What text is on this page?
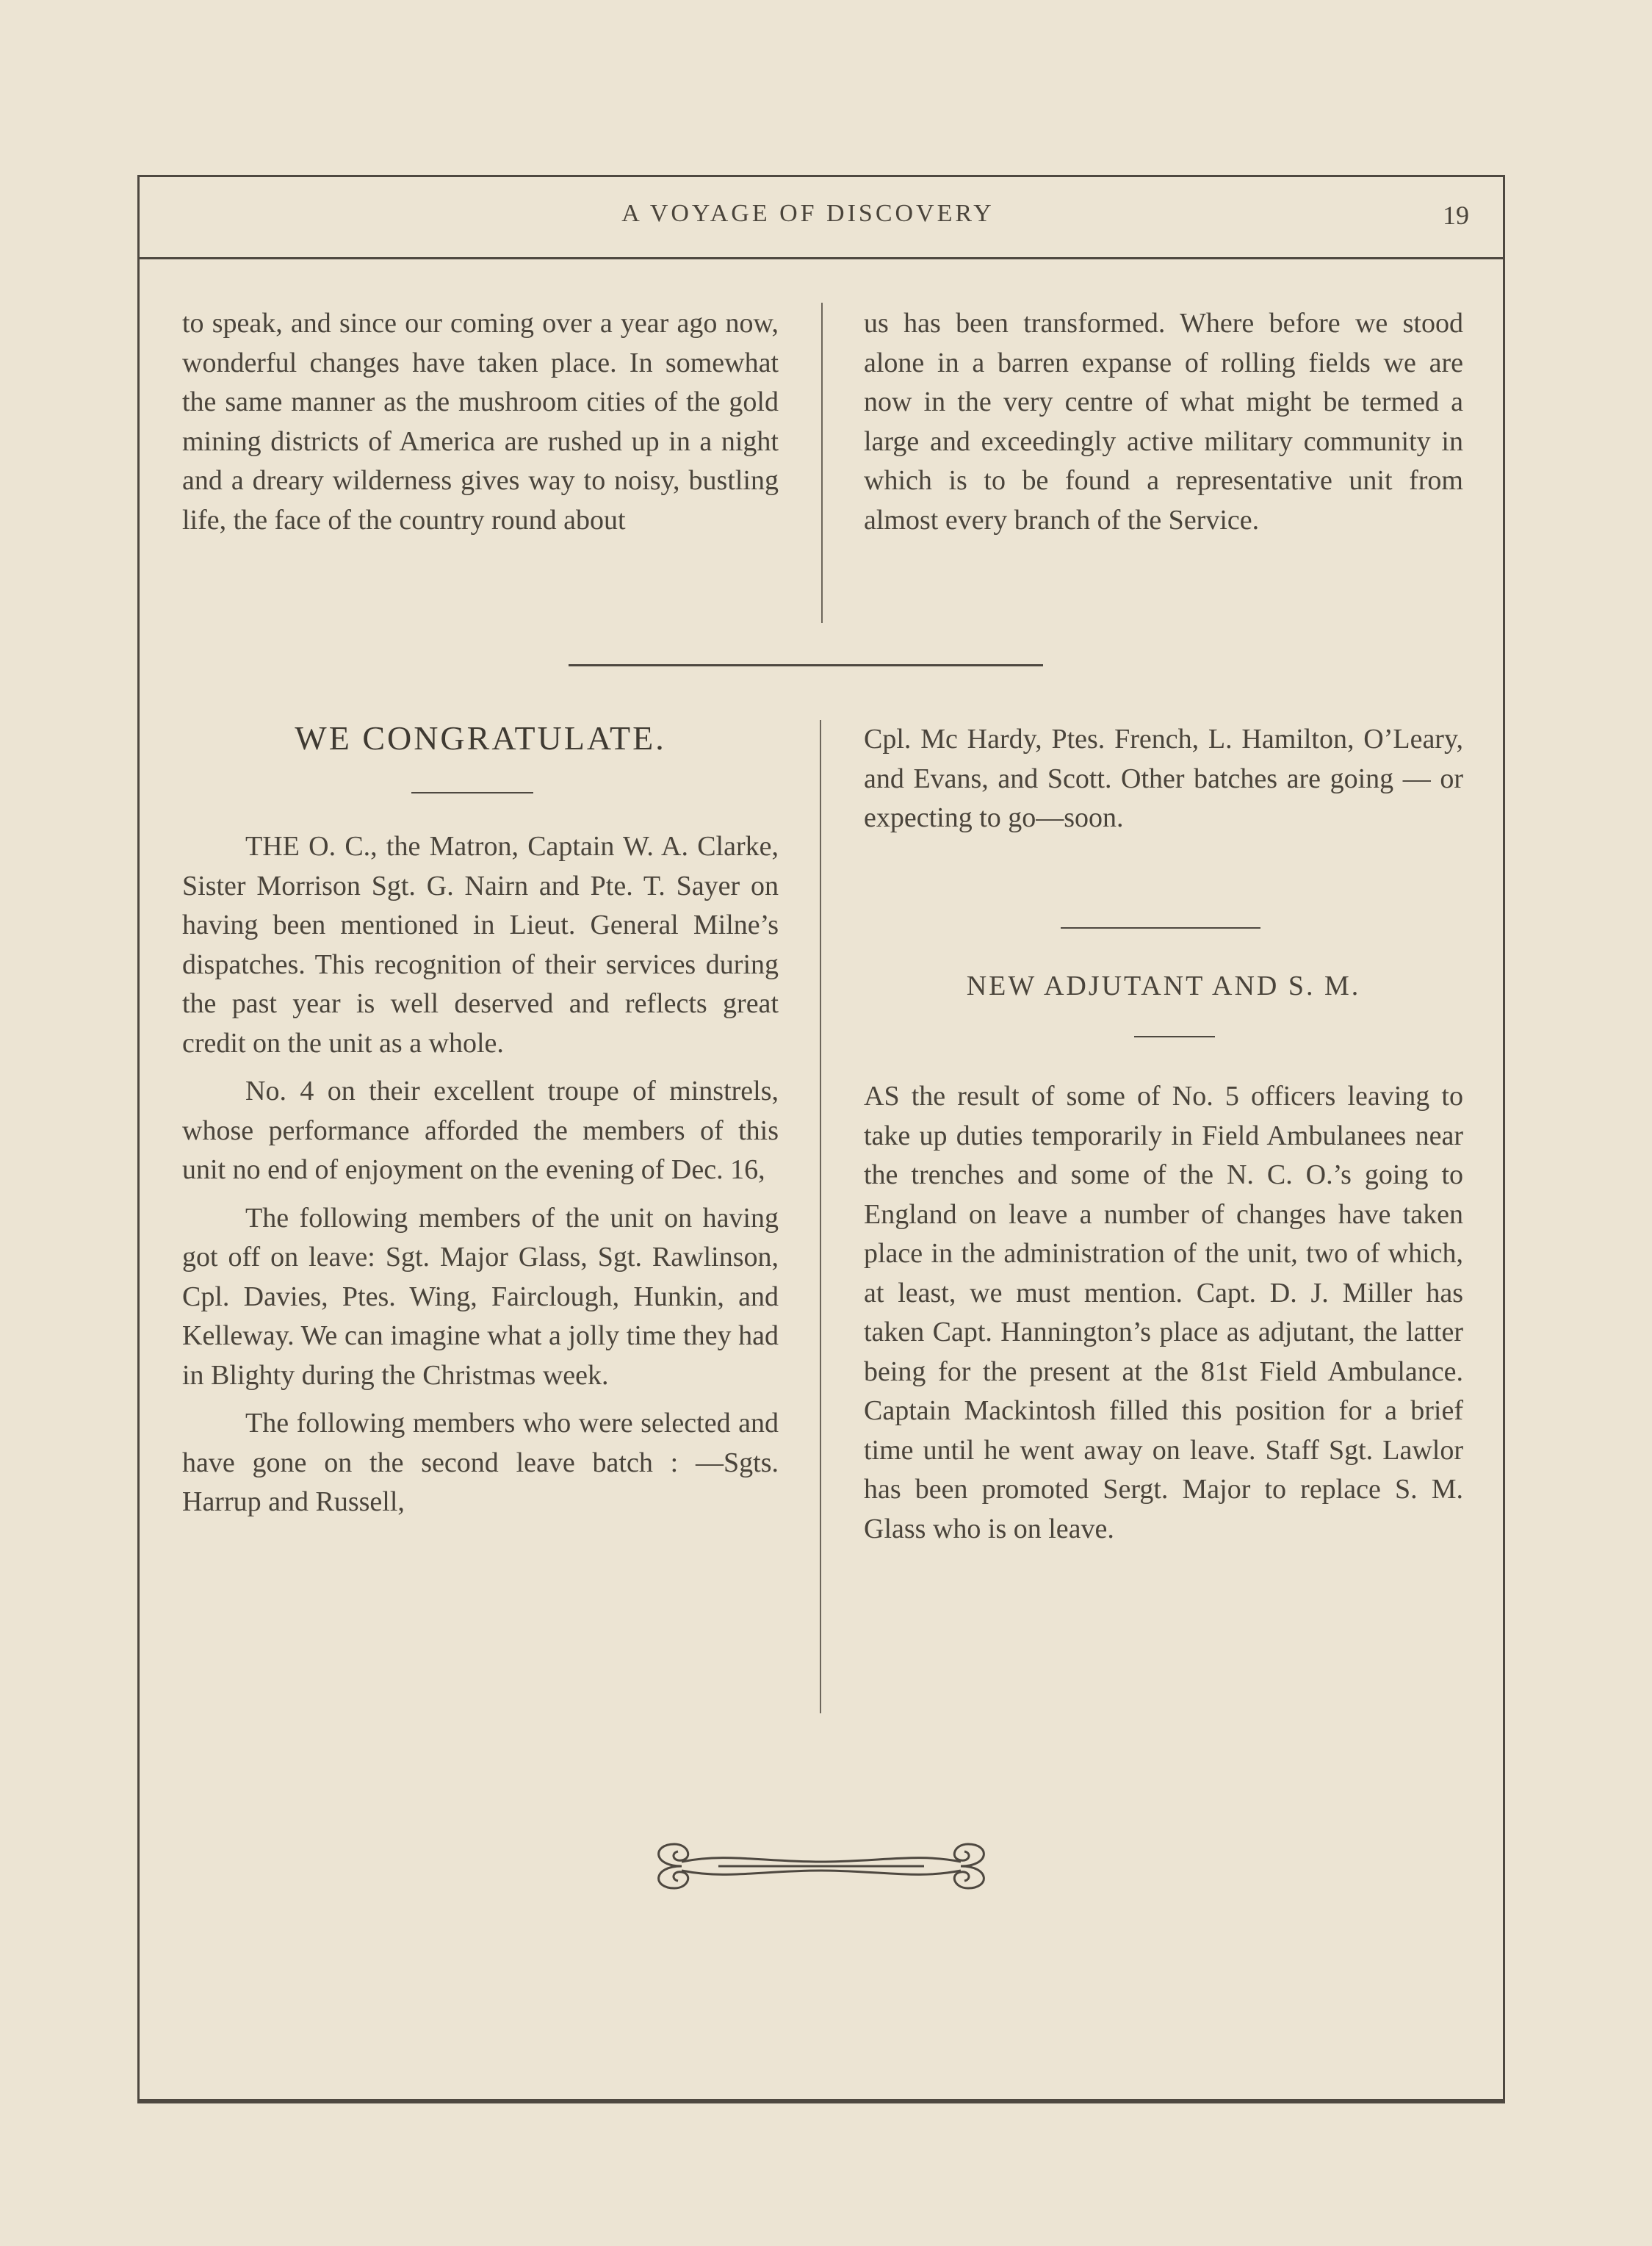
A VOYAGE OF DISCOVERY	19

to speak, and since our coming over a year ago now, wonderful changes have taken place. In somewhat the same manner as the mushroom cities of the gold mining districts of America are rushed up in a night and a dreary wilderness gives way to noisy, bustling life, the face of the country round about

us has been transformed. Where before we stood alone in a barren expanse of rolling fields we are now in the very centre of what might be termed a large and exceedingly active military community in which is to be found a representative unit from almost every branch of the Service.

WE CONGRATULATE.

THE O. C., the Matron, Captain W. A. Clarke, Sister Morrison Sgt. G. Nairn and Pte. T. Sayer on having been mentioned in Lieut. General Milne’s dispatches. This recognition of their services during the past year is well deserved and reflects great credit on the unit as a whole.

No. 4 on their excellent troupe of minstrels, whose performance afforded the members of this unit no end of enjoyment on the evening of Dec. 16,

The following members of the unit on having got off on leave: Sgt. Major Glass, Sgt. Rawlinson, Cpl. Davies, Ptes. Wing, Fairclough, Hunkin, and Kelleway. We can imagine what a jolly time they had in Blighty during the Christmas week.

The following members who were selected and have gone on the second leave batch : —Sgts. Harrup and Russell,

Cpl. Mc Hardy, Ptes. French, L. Hamilton, O’Leary, and Evans, and Scott. Other batches are going — or expecting to go—soon.

NEW ADJUTANT AND S. M.

AS the result of some of No. 5 officers leaving to take up duties temporarily in Field Ambulanees near the trenches and some of the N. C. O.’s going to England on leave a number of changes have taken place in the administration of the unit, two of which, at least, we must mention. Capt. D. J. Miller has taken Capt. Hannington’s place as adjutant, the latter being for the present at the 81st Field Ambulance. Captain Mackintosh filled this position for a brief time until he went away on leave. Staff Sgt. Lawlor has been promoted Sergt. Major to replace S. M. Glass who is on leave.
